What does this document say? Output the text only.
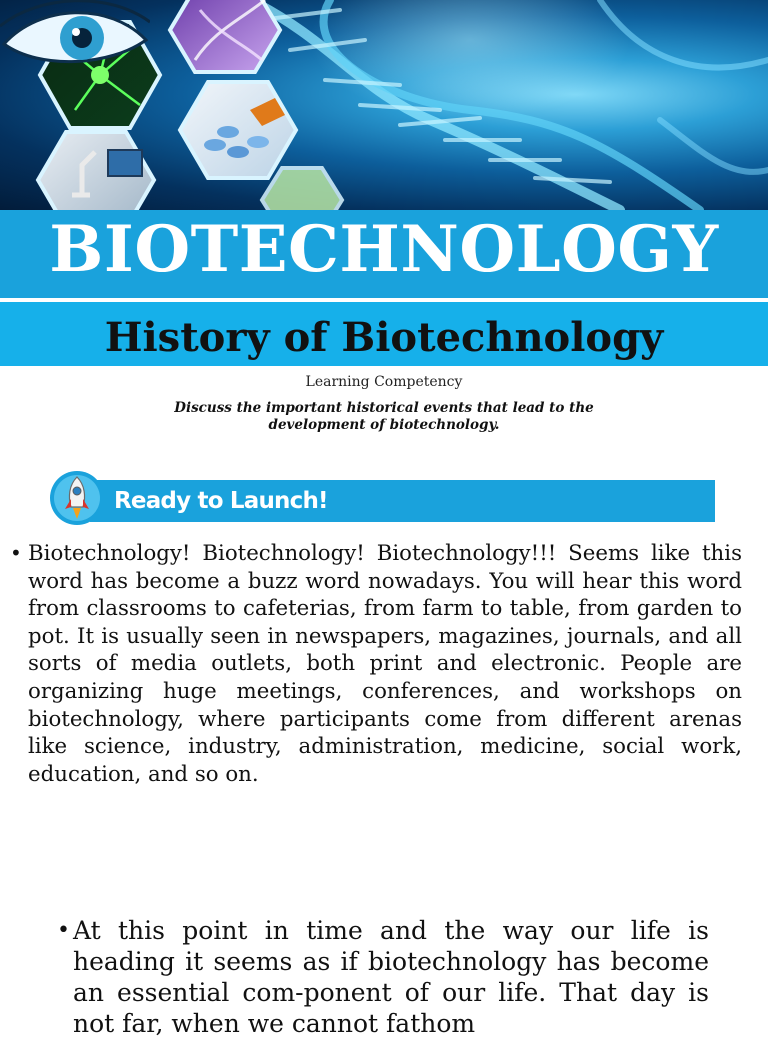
BIOTECHNOLOGY
History of Biotechnology
Learning Competency
Discuss the important historical events that lead to the development of biotechnology.
Ready to Launch!
• Biotechnology! Biotechnology! Biotechnology!!! Seems like this word has become a buzz word nowadays. You will hear this word from classrooms to cafeterias, from farm to table, from garden to pot. It is usually seen in newspapers, magazines, journals, and all sorts of media outlets, both print and electronic. People are organizing huge meetings, conferences, and workshops on biotechnology, where participants come from different arenas like science, industry, administration, medicine, social work, education, and so on.
• At this point in time and the way our life is heading it seems as if biotechnology has become an essential com-ponent of our life. That day is not far, when we cannot fathom
